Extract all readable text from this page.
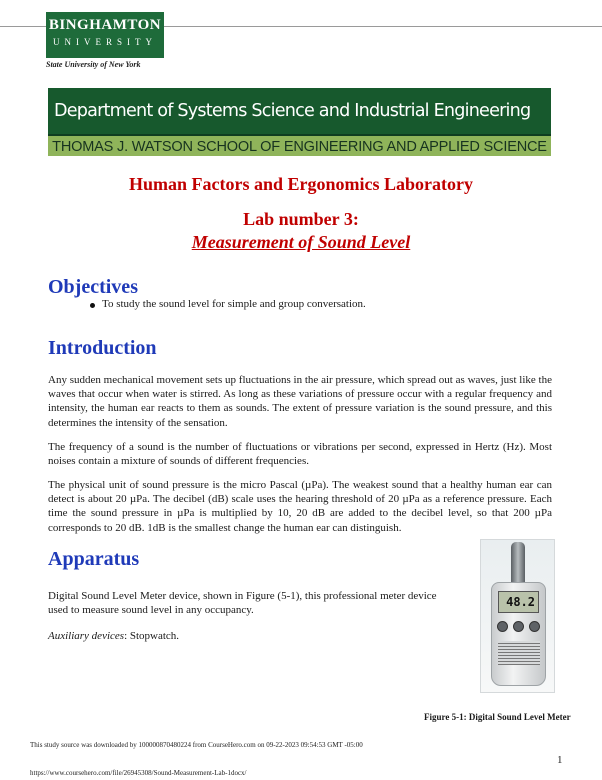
BINGHAMTON
UNIVERSITY
State University of New York
Department of Systems Science and Industrial Engineering
THOMAS J. WATSON SCHOOL OF ENGINEERING AND APPLIED SCIENCE
Human Factors and Ergonomics Laboratory
Lab number 3:
Measurement of Sound Level
Objectives
To study the sound level for simple and group conversation.
Introduction
Any sudden mechanical movement sets up fluctuations in the air pressure, which spread out as waves, just like the waves that occur when water is stirred. As long as these variations of pressure occur with a regular frequency and intensity, the human ear reacts to them as sounds. The extent of pressure variation is the sound pressure, and this determines the intensity of the sensation.
The frequency of a sound is the number of fluctuations or vibrations per second, expressed in Hertz (Hz). Most noises contain a mixture of sounds of different frequencies.
The physical unit of sound pressure is the micro Pascal (µPa). The weakest sound that a healthy human ear can detect is about 20 µPa. The decibel (dB) scale uses the hearing threshold of 20 µPa as a reference pressure. Each time the sound pressure in µPa is multiplied by 10, 20 dB are added to the decibel level, so that 200 µPa corresponds to 20 dB. 1dB is the smallest change the human ear can distinguish.
Apparatus
Digital Sound Level Meter device, shown in Figure (5-1), this professional meter device used to measure sound level in any occupancy.
Auxiliary devices: Stopwatch.
48.2
Figure 5-1: Digital Sound Level Meter
This study source was downloaded by 100000870480224 from CourseHero.com on 09-22-2023 09:54:53 GMT -05:00
1
https://www.coursehero.com/file/26945308/Sound-Measurement-Lab-1docx/
